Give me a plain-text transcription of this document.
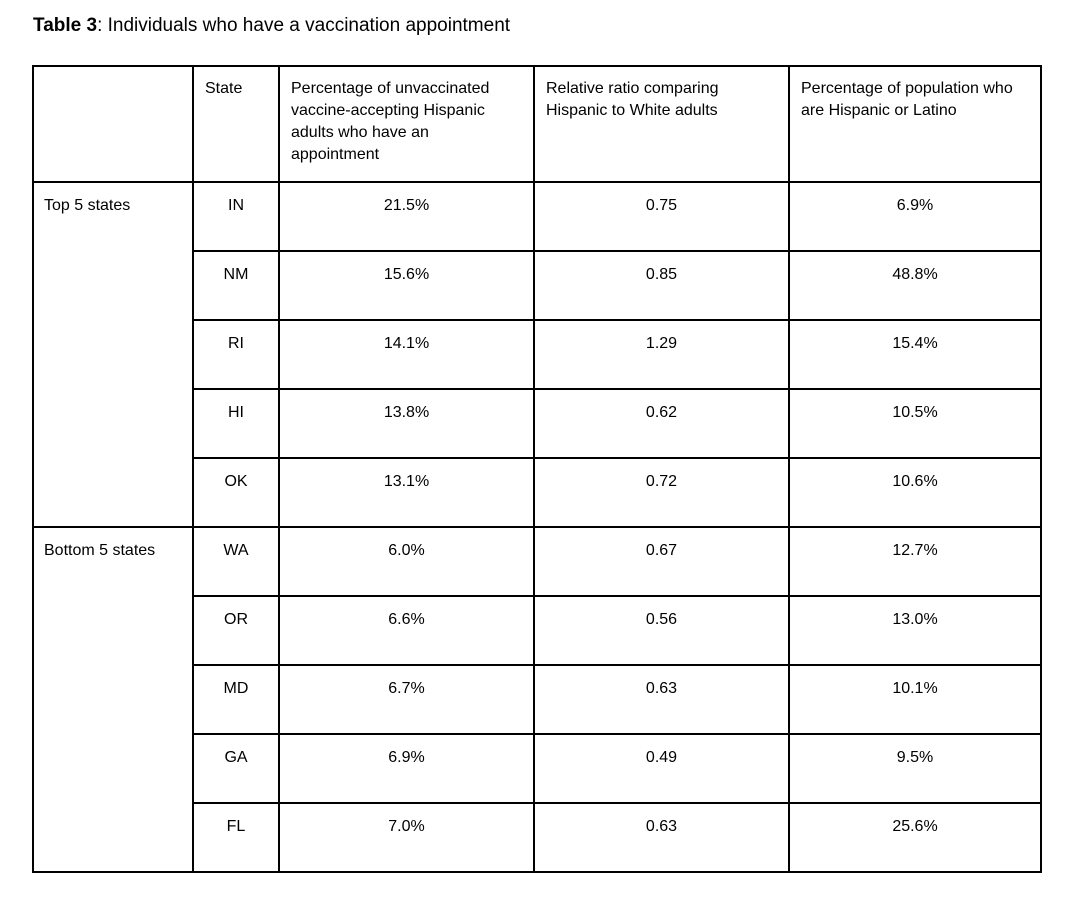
Table 3: Individuals who have a vaccination appointment
	State	Percentage of unvaccinated vaccine-accepting Hispanic adults who have an appointment	Relative ratio comparing Hispanic to White adults	Percentage of population who are Hispanic or Latino
Top 5 states	IN	21.5%	0.75	6.9%
	NM	15.6%	0.85	48.8%
	RI	14.1%	1.29	15.4%
	HI	13.8%	0.62	10.5%
	OK	13.1%	0.72	10.6%
Bottom 5 states	WA	6.0%	0.67	12.7%
	OR	6.6%	0.56	13.0%
	MD	6.7%	0.63	10.1%
	GA	6.9%	0.49	9.5%
	FL	7.0%	0.63	25.6%
